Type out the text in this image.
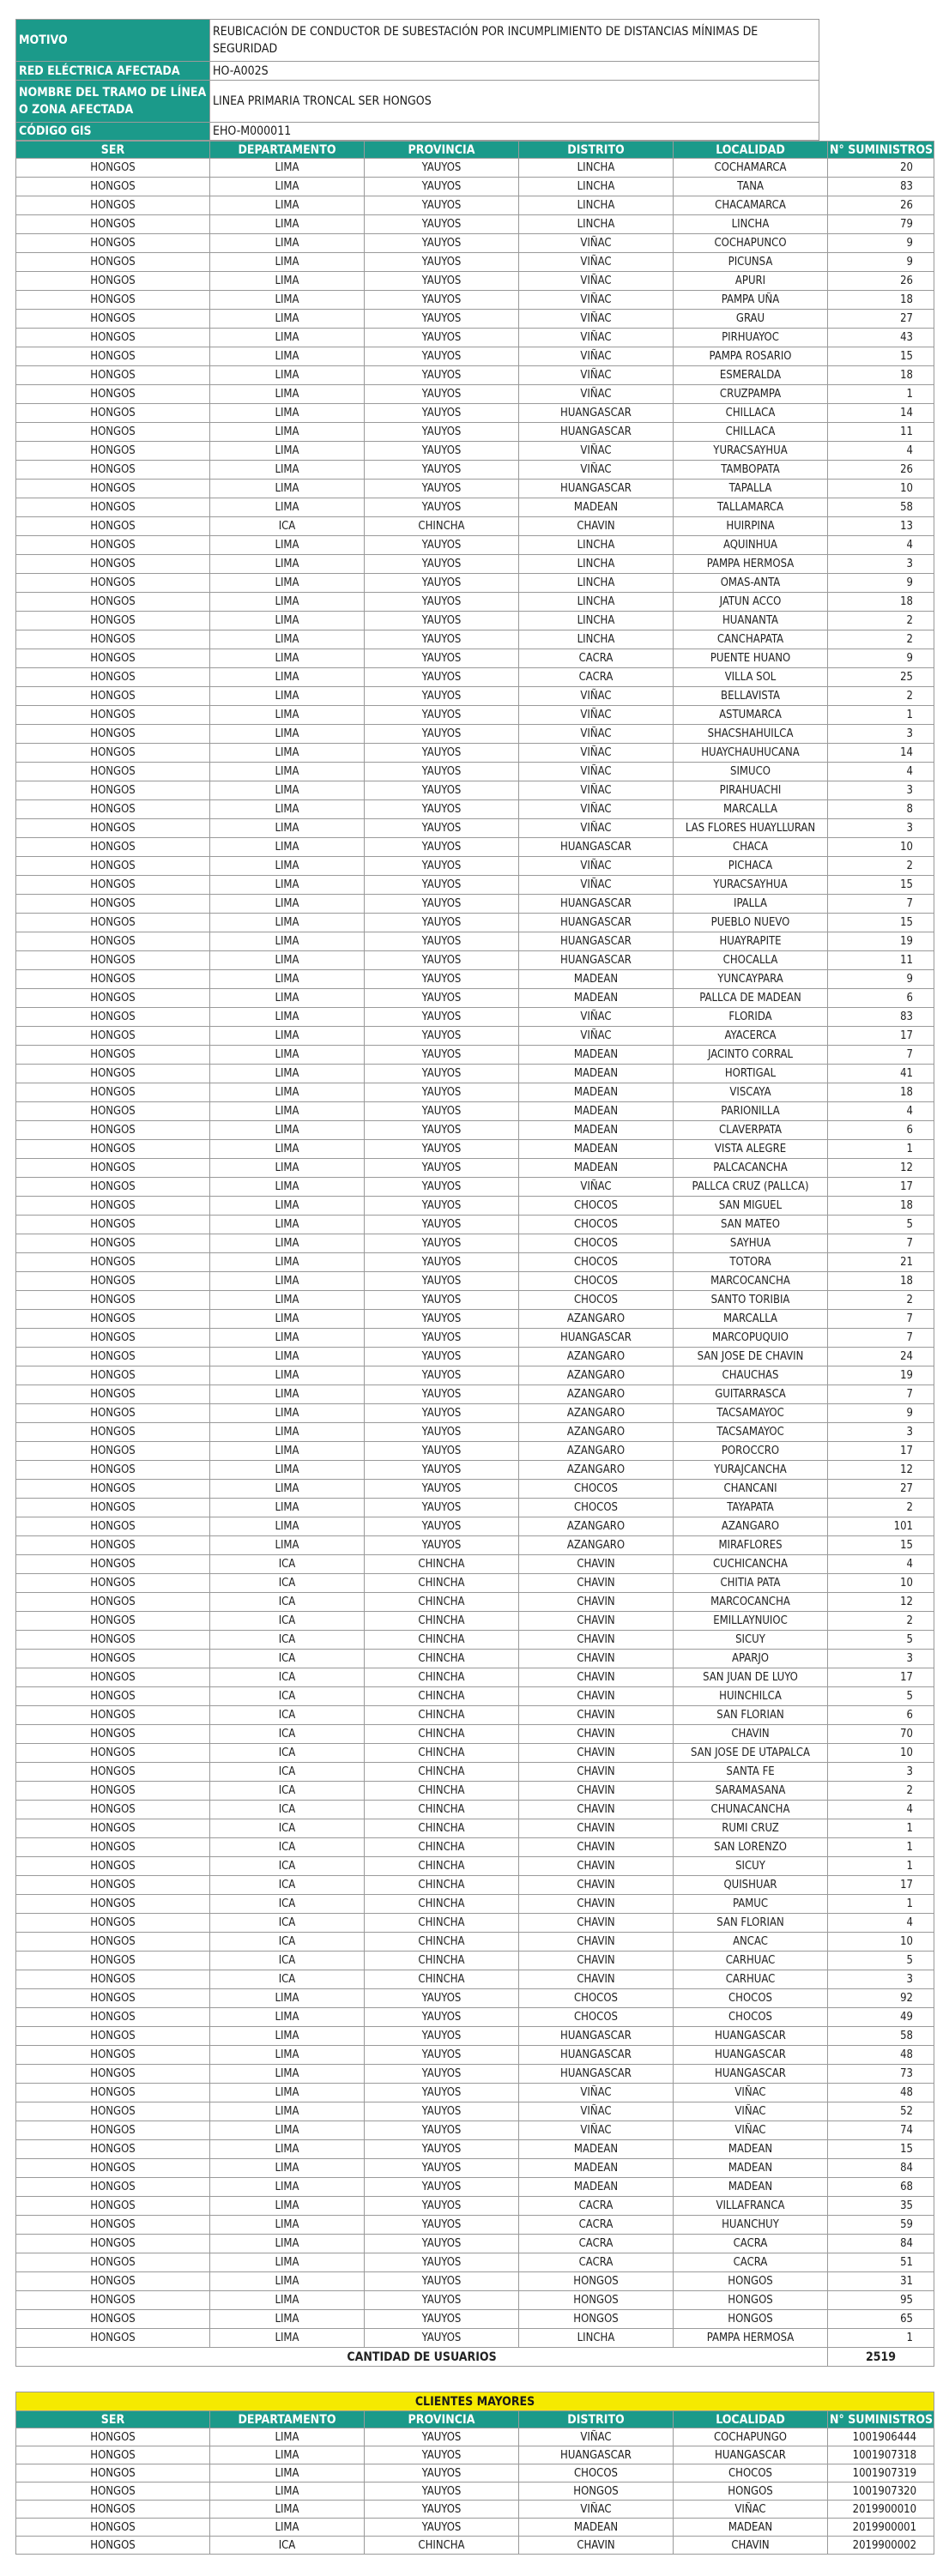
MOTIVO	REUBICACIÓN DE CONDUCTOR DE SUBESTACIÓN POR INCUMPLIMIENTO DE DISTANCIAS MÍNIMAS DE SEGURIDAD
RED ELÉCTRICA AFECTADA	HO-A002S
NOMBRE DEL TRAMO DE LÍNEA O ZONA AFECTADA	LINEA PRIMARIA TRONCAL SER HONGOS
CÓDIGO GIS	EHO-M000011
SER	DEPARTAMENTO	PROVINCIA	DISTRITO	LOCALIDAD	N° SUMINISTROS
HONGOS	LIMA	YAUYOS	LINCHA	COCHAMARCA	20
HONGOS	LIMA	YAUYOS	LINCHA	TANA	83
HONGOS	LIMA	YAUYOS	LINCHA	CHACAMARCA	26
HONGOS	LIMA	YAUYOS	LINCHA	LINCHA	79
HONGOS	LIMA	YAUYOS	VIÑAC	COCHAPUNCO	9
HONGOS	LIMA	YAUYOS	VIÑAC	PICUNSA	9
HONGOS	LIMA	YAUYOS	VIÑAC	APURI	26
HONGOS	LIMA	YAUYOS	VIÑAC	PAMPA UÑA	18
HONGOS	LIMA	YAUYOS	VIÑAC	GRAU	27
HONGOS	LIMA	YAUYOS	VIÑAC	PIRHUAYOC	43
HONGOS	LIMA	YAUYOS	VIÑAC	PAMPA ROSARIO	15
HONGOS	LIMA	YAUYOS	VIÑAC	ESMERALDA	18
HONGOS	LIMA	YAUYOS	VIÑAC	CRUZPAMPA	1
HONGOS	LIMA	YAUYOS	HUANGASCAR	CHILLACA	14
HONGOS	LIMA	YAUYOS	HUANGASCAR	CHILLACA	11
HONGOS	LIMA	YAUYOS	VIÑAC	YURACSAYHUA	4
HONGOS	LIMA	YAUYOS	VIÑAC	TAMBOPATA	26
HONGOS	LIMA	YAUYOS	HUANGASCAR	TAPALLA	10
HONGOS	LIMA	YAUYOS	MADEAN	TALLAMARCA	58
HONGOS	ICA	CHINCHA	CHAVIN	HUIRPINA	13
HONGOS	LIMA	YAUYOS	LINCHA	AQUINHUA	4
HONGOS	LIMA	YAUYOS	LINCHA	PAMPA HERMOSA	3
HONGOS	LIMA	YAUYOS	LINCHA	OMAS-ANTA	9
HONGOS	LIMA	YAUYOS	LINCHA	JATUN ACCO	18
HONGOS	LIMA	YAUYOS	LINCHA	HUANANTA	2
HONGOS	LIMA	YAUYOS	LINCHA	CANCHAPATA	2
HONGOS	LIMA	YAUYOS	CACRA	PUENTE HUANO	9
HONGOS	LIMA	YAUYOS	CACRA	VILLA SOL	25
HONGOS	LIMA	YAUYOS	VIÑAC	BELLAVISTA	2
HONGOS	LIMA	YAUYOS	VIÑAC	ASTUMARCA	1
HONGOS	LIMA	YAUYOS	VIÑAC	SHACSHAHUILCA	3
HONGOS	LIMA	YAUYOS	VIÑAC	HUAYCHAUHUCANA	14
HONGOS	LIMA	YAUYOS	VIÑAC	SIMUCO	4
HONGOS	LIMA	YAUYOS	VIÑAC	PIRAHUACHI	3
HONGOS	LIMA	YAUYOS	VIÑAC	MARCALLA	8
HONGOS	LIMA	YAUYOS	VIÑAC	LAS FLORES HUAYLLURAN	3
HONGOS	LIMA	YAUYOS	HUANGASCAR	CHACA	10
HONGOS	LIMA	YAUYOS	VIÑAC	PICHACA	2
HONGOS	LIMA	YAUYOS	VIÑAC	YURACSAYHUA	15
HONGOS	LIMA	YAUYOS	HUANGASCAR	IPALLA	7
HONGOS	LIMA	YAUYOS	HUANGASCAR	PUEBLO NUEVO	15
HONGOS	LIMA	YAUYOS	HUANGASCAR	HUAYRAPITE	19
HONGOS	LIMA	YAUYOS	HUANGASCAR	CHOCALLA	11
HONGOS	LIMA	YAUYOS	MADEAN	YUNCAYPARA	9
HONGOS	LIMA	YAUYOS	MADEAN	PALLCA DE MADEAN	6
HONGOS	LIMA	YAUYOS	VIÑAC	FLORIDA	83
HONGOS	LIMA	YAUYOS	VIÑAC	AYACERCA	17
HONGOS	LIMA	YAUYOS	MADEAN	JACINTO CORRAL	7
HONGOS	LIMA	YAUYOS	MADEAN	HORTIGAL	41
HONGOS	LIMA	YAUYOS	MADEAN	VISCAYA	18
HONGOS	LIMA	YAUYOS	MADEAN	PARIONILLA	4
HONGOS	LIMA	YAUYOS	MADEAN	CLAVERPATA	6
HONGOS	LIMA	YAUYOS	MADEAN	VISTA ALEGRE	1
HONGOS	LIMA	YAUYOS	MADEAN	PALCACANCHA	12
HONGOS	LIMA	YAUYOS	VIÑAC	PALLCA CRUZ (PALLCA)	17
HONGOS	LIMA	YAUYOS	CHOCOS	SAN MIGUEL	18
HONGOS	LIMA	YAUYOS	CHOCOS	SAN MATEO	5
HONGOS	LIMA	YAUYOS	CHOCOS	SAYHUA	7
HONGOS	LIMA	YAUYOS	CHOCOS	TOTORA	21
HONGOS	LIMA	YAUYOS	CHOCOS	MARCOCANCHA	18
HONGOS	LIMA	YAUYOS	CHOCOS	SANTO TORIBIA	2
HONGOS	LIMA	YAUYOS	AZANGARO	MARCALLA	7
HONGOS	LIMA	YAUYOS	HUANGASCAR	MARCOPUQUIO	7
HONGOS	LIMA	YAUYOS	AZANGARO	SAN JOSE DE CHAVIN	24
HONGOS	LIMA	YAUYOS	AZANGARO	CHAUCHAS	19
HONGOS	LIMA	YAUYOS	AZANGARO	GUITARRASCA	7
HONGOS	LIMA	YAUYOS	AZANGARO	TACSAMAYOC	9
HONGOS	LIMA	YAUYOS	AZANGARO	TACSAMAYOC	3
HONGOS	LIMA	YAUYOS	AZANGARO	POROCCRO	17
HONGOS	LIMA	YAUYOS	AZANGARO	YURAJCANCHA	12
HONGOS	LIMA	YAUYOS	CHOCOS	CHANCANI	27
HONGOS	LIMA	YAUYOS	CHOCOS	TAYAPATA	2
HONGOS	LIMA	YAUYOS	AZANGARO	AZANGARO	101
HONGOS	LIMA	YAUYOS	AZANGARO	MIRAFLORES	15
HONGOS	ICA	CHINCHA	CHAVIN	CUCHICANCHA	4
HONGOS	ICA	CHINCHA	CHAVIN	CHITIA PATA	10
HONGOS	ICA	CHINCHA	CHAVIN	MARCOCANCHA	12
HONGOS	ICA	CHINCHA	CHAVIN	EMILLAYNUIOC	2
HONGOS	ICA	CHINCHA	CHAVIN	SICUY	5
HONGOS	ICA	CHINCHA	CHAVIN	APARJO	3
HONGOS	ICA	CHINCHA	CHAVIN	SAN JUAN DE LUYO	17
HONGOS	ICA	CHINCHA	CHAVIN	HUINCHILCA	5
HONGOS	ICA	CHINCHA	CHAVIN	SAN FLORIAN	6
HONGOS	ICA	CHINCHA	CHAVIN	CHAVIN	70
HONGOS	ICA	CHINCHA	CHAVIN	SAN JOSE DE UTAPALCA	10
HONGOS	ICA	CHINCHA	CHAVIN	SANTA FE	3
HONGOS	ICA	CHINCHA	CHAVIN	SARAMASANA	2
HONGOS	ICA	CHINCHA	CHAVIN	CHUNACANCHA	4
HONGOS	ICA	CHINCHA	CHAVIN	RUMI CRUZ	1
HONGOS	ICA	CHINCHA	CHAVIN	SAN LORENZO	1
HONGOS	ICA	CHINCHA	CHAVIN	SICUY	1
HONGOS	ICA	CHINCHA	CHAVIN	QUISHUAR	17
HONGOS	ICA	CHINCHA	CHAVIN	PAMUC	1
HONGOS	ICA	CHINCHA	CHAVIN	SAN FLORIAN	4
HONGOS	ICA	CHINCHA	CHAVIN	ANCAC	10
HONGOS	ICA	CHINCHA	CHAVIN	CARHUAC	5
HONGOS	ICA	CHINCHA	CHAVIN	CARHUAC	3
HONGOS	LIMA	YAUYOS	CHOCOS	CHOCOS	92
HONGOS	LIMA	YAUYOS	CHOCOS	CHOCOS	49
HONGOS	LIMA	YAUYOS	HUANGASCAR	HUANGASCAR	58
HONGOS	LIMA	YAUYOS	HUANGASCAR	HUANGASCAR	48
HONGOS	LIMA	YAUYOS	HUANGASCAR	HUANGASCAR	73
HONGOS	LIMA	YAUYOS	VIÑAC	VIÑAC	48
HONGOS	LIMA	YAUYOS	VIÑAC	VIÑAC	52
HONGOS	LIMA	YAUYOS	VIÑAC	VIÑAC	74
HONGOS	LIMA	YAUYOS	MADEAN	MADEAN	15
HONGOS	LIMA	YAUYOS	MADEAN	MADEAN	84
HONGOS	LIMA	YAUYOS	MADEAN	MADEAN	68
HONGOS	LIMA	YAUYOS	CACRA	VILLAFRANCA	35
HONGOS	LIMA	YAUYOS	CACRA	HUANCHUY	59
HONGOS	LIMA	YAUYOS	CACRA	CACRA	84
HONGOS	LIMA	YAUYOS	CACRA	CACRA	51
HONGOS	LIMA	YAUYOS	HONGOS	HONGOS	31
HONGOS	LIMA	YAUYOS	HONGOS	HONGOS	95
HONGOS	LIMA	YAUYOS	HONGOS	HONGOS	65
HONGOS	LIMA	YAUYOS	LINCHA	PAMPA HERMOSA	1
CANTIDAD DE USUARIOS					2519
CLIENTES MAYORES					
SER	DEPARTAMENTO	PROVINCIA	DISTRITO	LOCALIDAD	N° SUMINISTROS
HONGOS	LIMA	YAUYOS	VIÑAC	COCHAPUNGO	1001906444
HONGOS	LIMA	YAUYOS	HUANGASCAR	HUANGASCAR	1001907318
HONGOS	LIMA	YAUYOS	CHOCOS	CHOCOS	1001907319
HONGOS	LIMA	YAUYOS	HONGOS	HONGOS	1001907320
HONGOS	LIMA	YAUYOS	VIÑAC	VIÑAC	2019900010
HONGOS	LIMA	YAUYOS	MADEAN	MADEAN	2019900001
HONGOS	ICA	CHINCHA	CHAVIN	CHAVIN	2019900002
